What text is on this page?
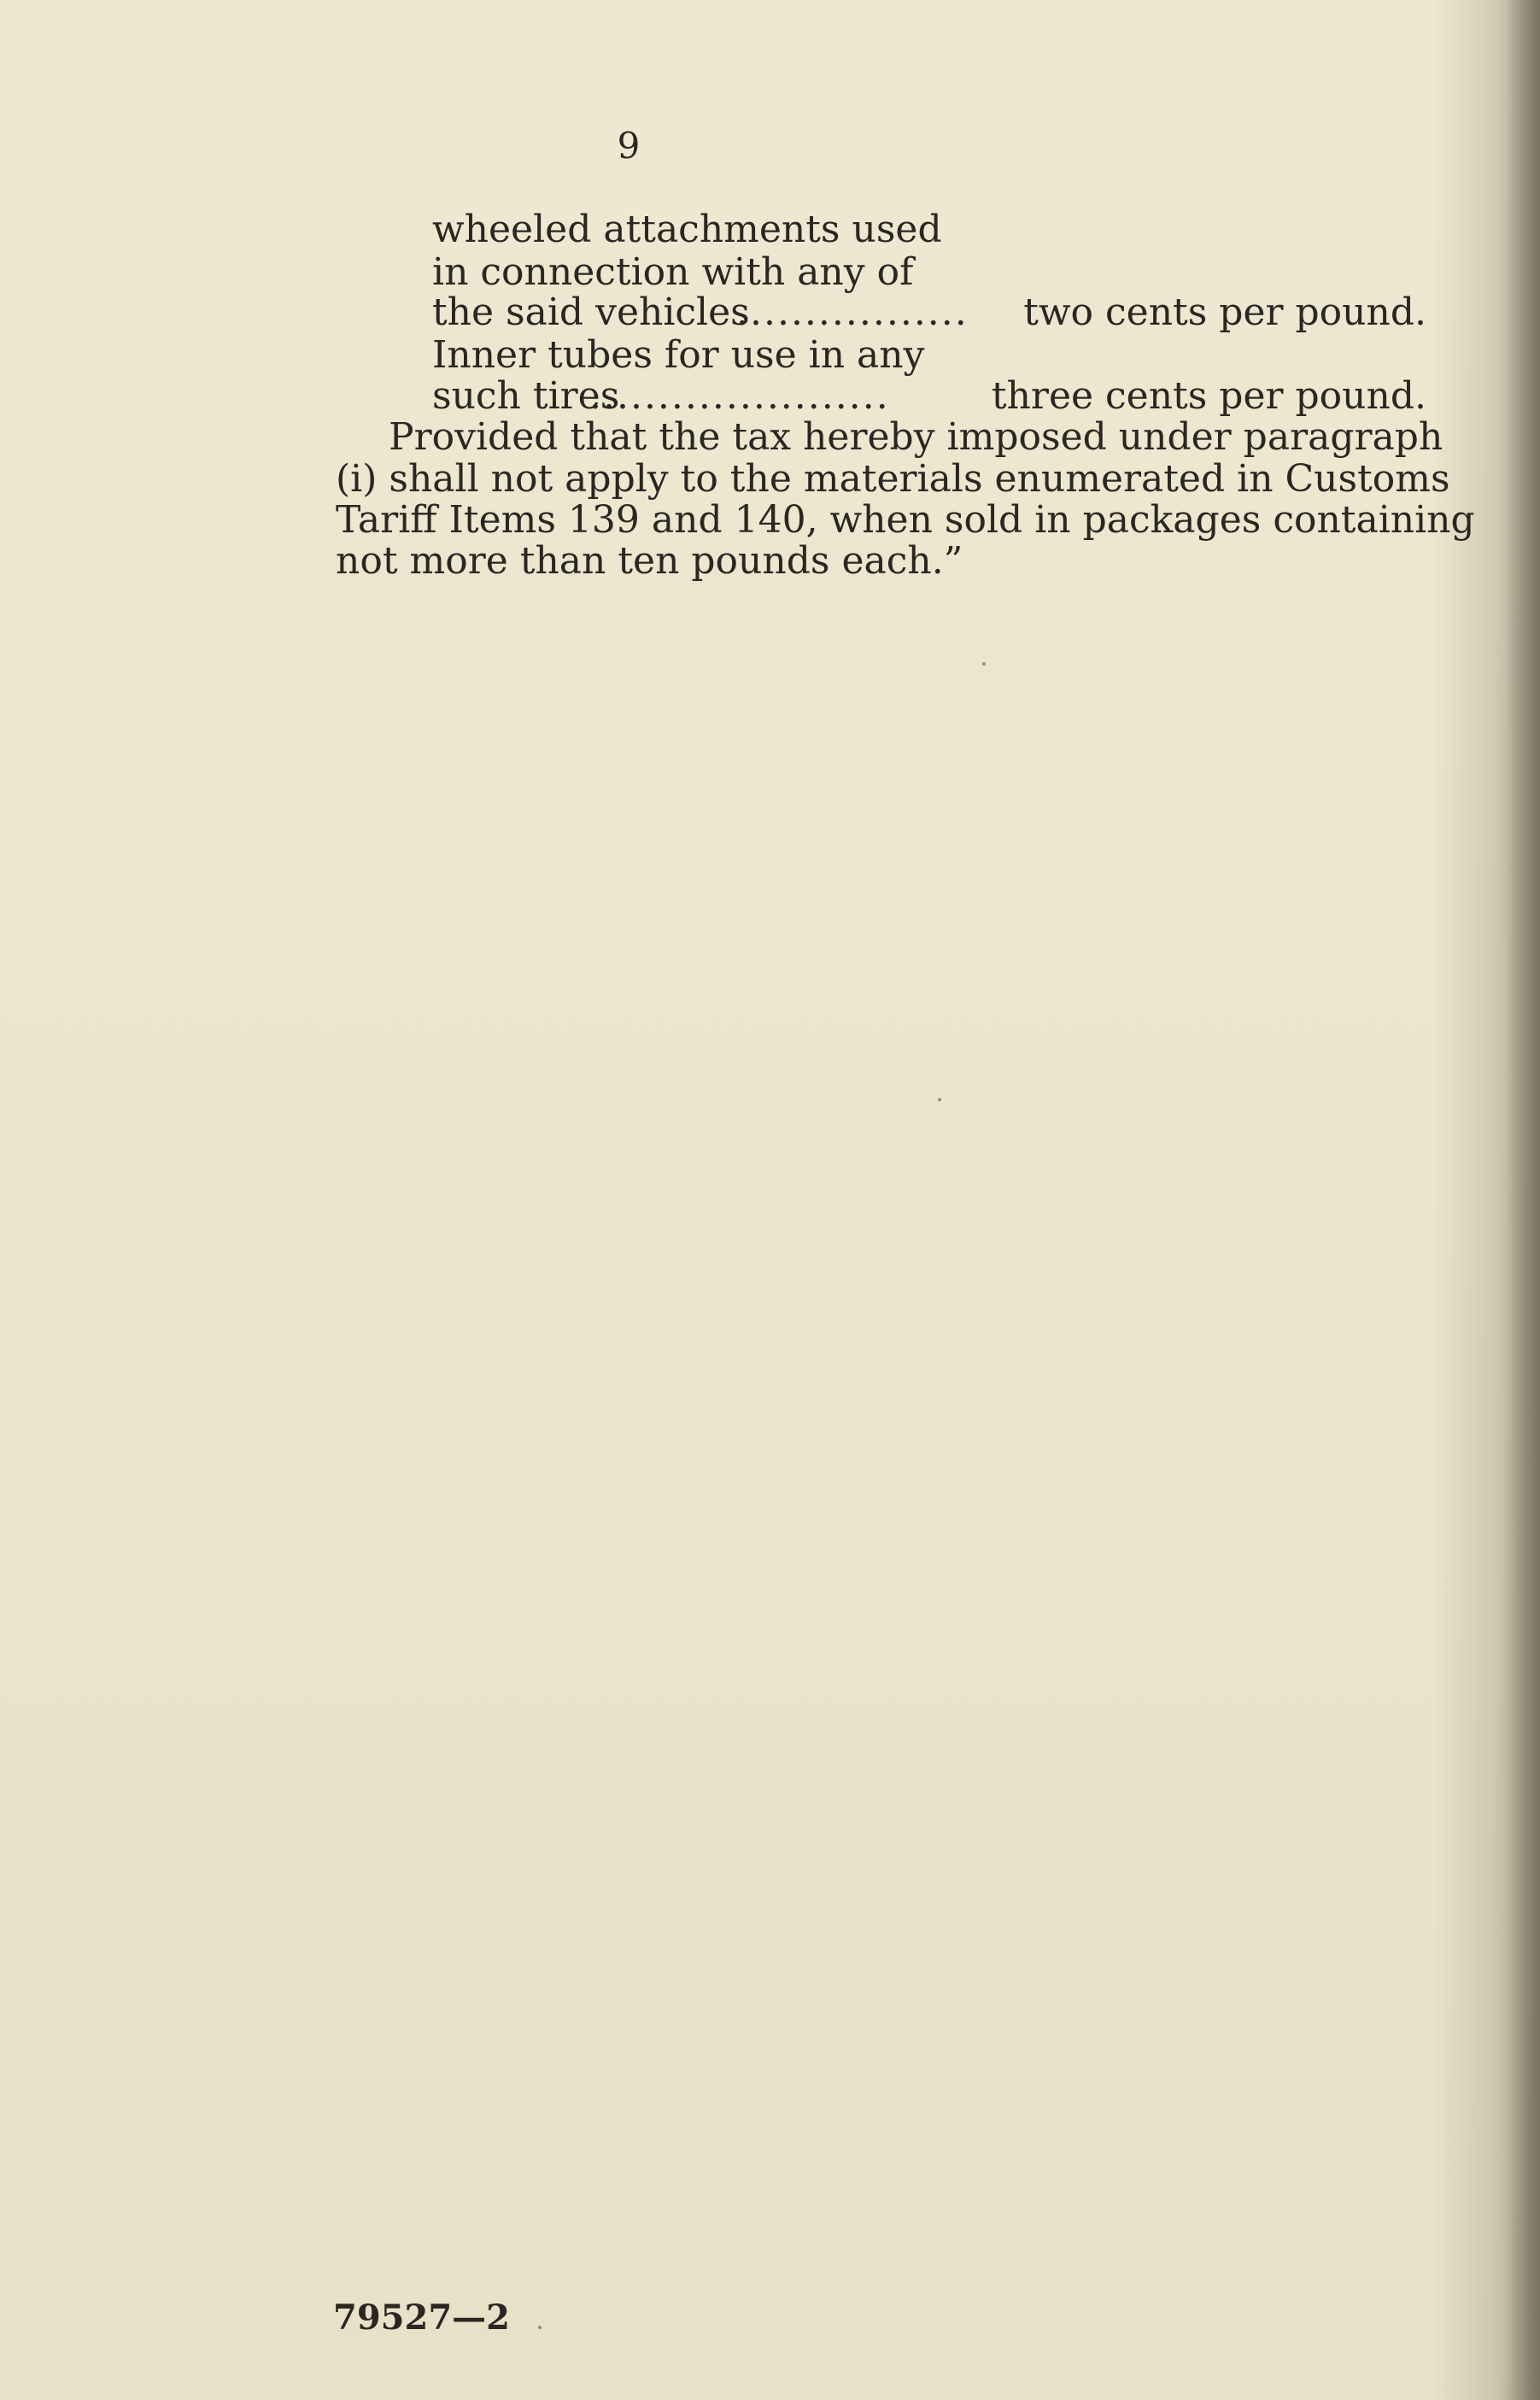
9
wheeled attachments used
in connection with any of
the said vehicles
................. two cents per pound.
Inner tubes for use in any
such tires
......................	three cents per pound.
Provided that the tax hereby imposed under paragraph
(i) shall not apply to the materials enumerated in Customs
Tariff Items 139 and 140, when sold in packages containing
not more than ten pounds each.”
79527—2
